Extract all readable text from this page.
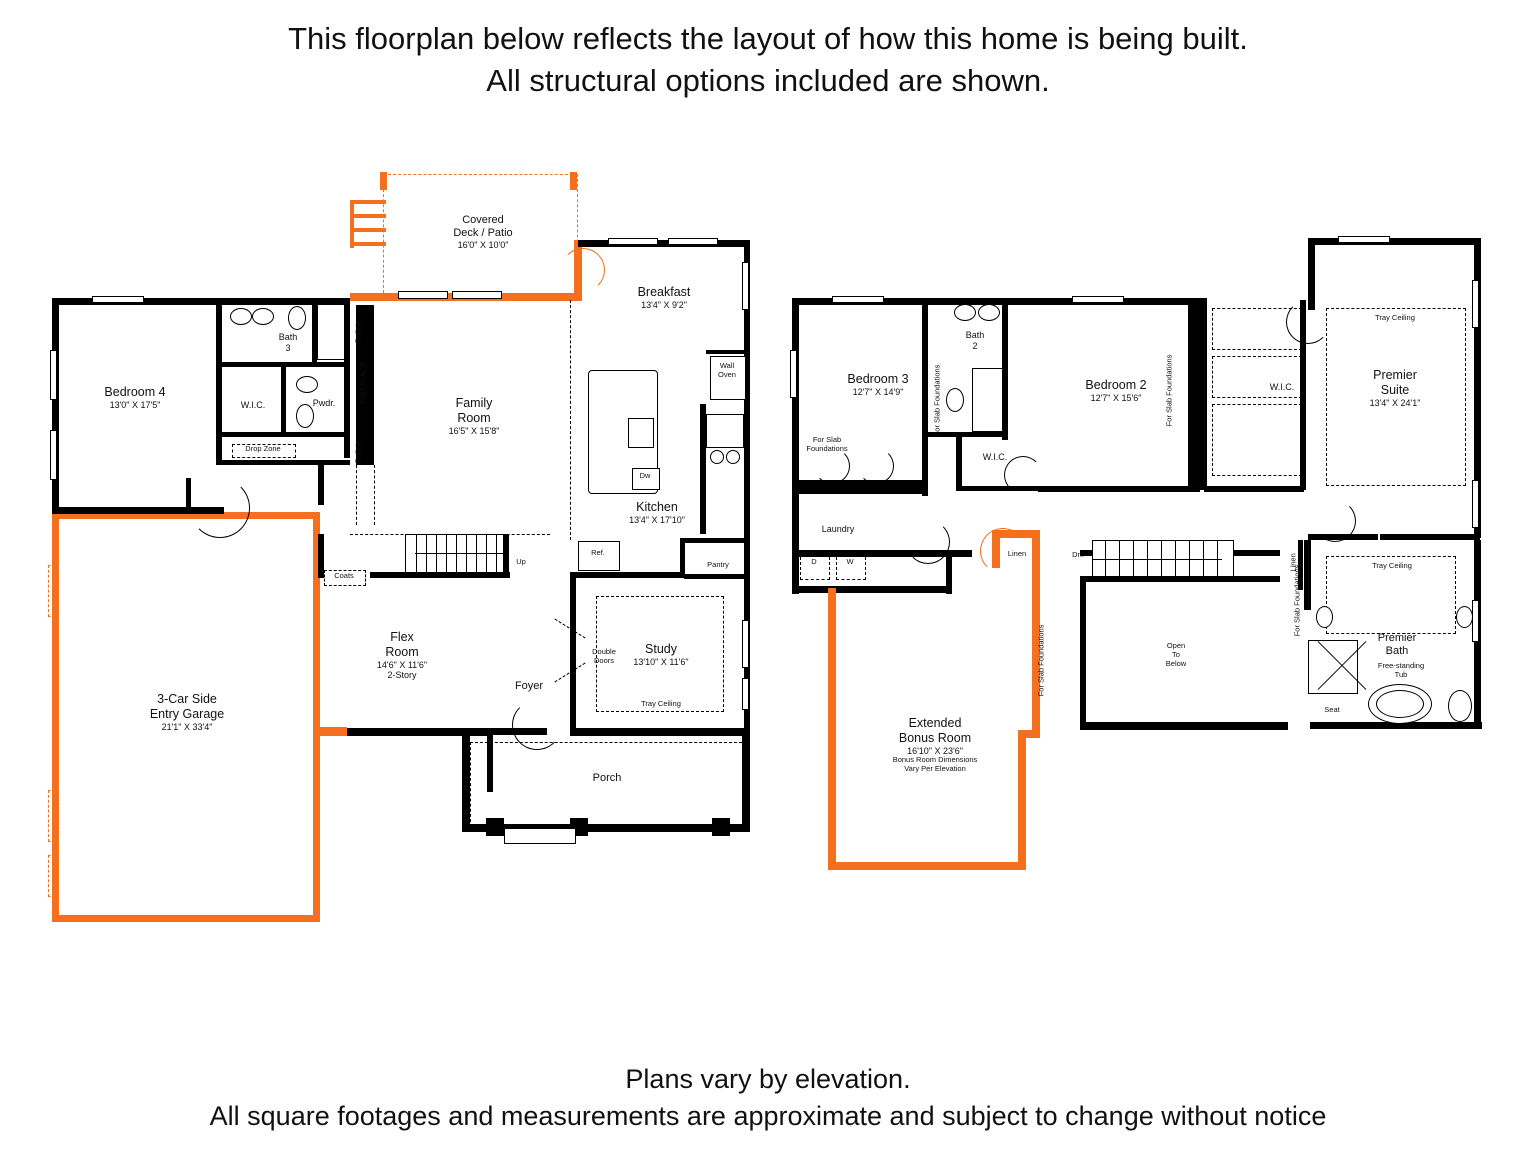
This floorplan below reflects the layout of how this home is being built.
All structural options included are shown.
3-Car Side
Entry Garage
21'1" X 33'4"
Bedroom 4
13'0" X 17'5"
Bath
3
W.I.C.	Pwdr.
Drop Zone
Covered
Deck / Patio
16'0" X 10'0"
Breakfast
13'4" X 9'2"
FIREPLACE
Built-in
Built-in
Family
Room
16'5" X 15'8"
Dw
Wall
Oven
Kitchen
13'4" X 17'10"
Ref.
Pantry
Up
Coats
Flex
Room
14'6" X 11'6"
2-Story
Foyer
Study
13'10" X 11'6"
Tray Ceiling
Double
Doors
Porch
Bedroom 3
12'7" X 14'9"
For Slab
Foundations
Bath
2
W.I.C.
Bedroom 2
12'7" X 15'6"
For Slab Foundations	For Slab Foundations	W.I.C.
Tray Ceiling
Premier
Suite
13'4" X 24'1"
Tray Ceiling
Premier
Bath
Free-standing
Tub
Seat
Linen
For Slab Foundations
Dn.
Open
To
Below
Laundry
D	W
Linen
For Slab Foundations
Extended
Bonus Room
16'10" X 23'6"
Bonus Room Dimensions
Vary Per Elevation
Plans vary by elevation.
All square footages and measurements are approximate and subject to change without notice
